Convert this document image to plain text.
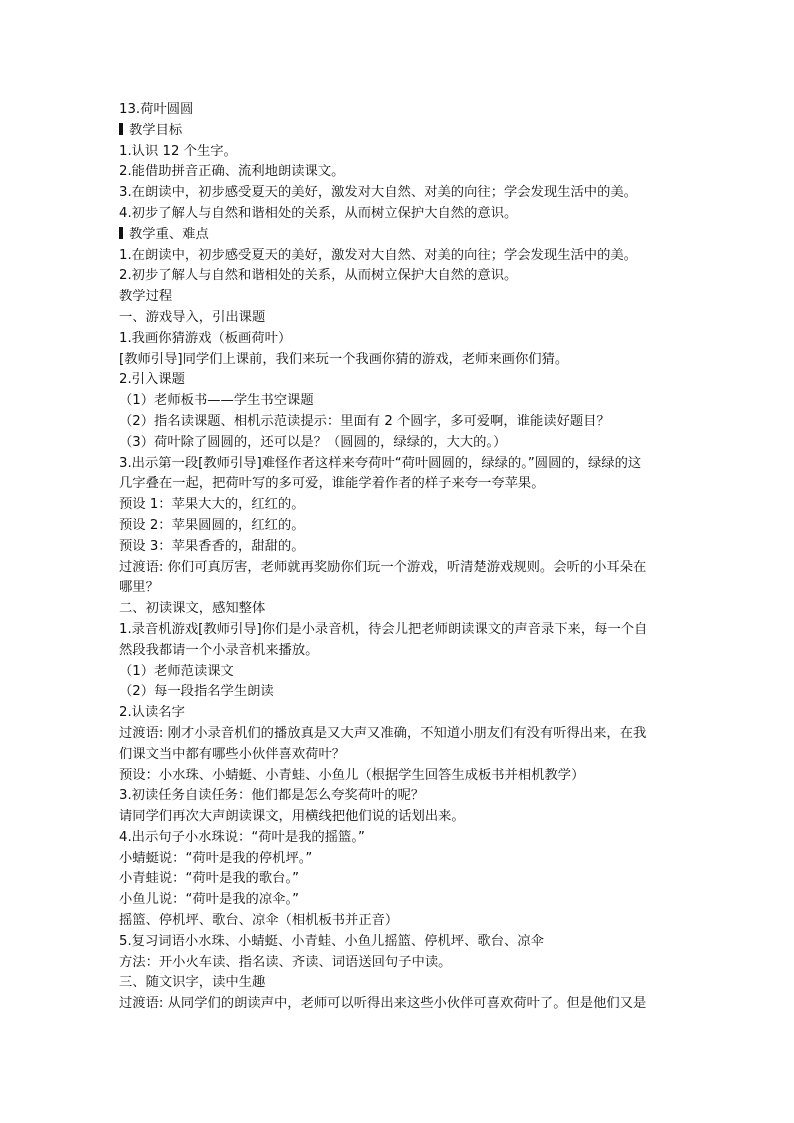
13.荷叶圆圆
教学目标
1.认识 12 个生字。
2.能借助拼音正确、流利地朗读课文。
3.在朗读中，初步感受夏天的美好，激发对大自然、对美的向往；学会发现生活中的美。
4.初步了解人与自然和谐相处的关系，从而树立保护大自然的意识。
教学重、难点
1.在朗读中，初步感受夏天的美好，激发对大自然、对美的向往；学会发现生活中的美。
2.初步了解人与自然和谐相处的关系，从而树立保护大自然的意识。
教学过程
一、游戏导入，引出课题
1.我画你猜游戏（板画荷叶）
[教师引导]同学们上课前，我们来玩一个我画你猜的游戏，老师来画你们猜。
2.引入课题
（1）老师板书——学生书空课题
（2）指名读课题、相机示范读提示：里面有 2 个圆字，多可爱啊，谁能读好题目？
（3）荷叶除了圆圆的，还可以是？（圆圆的，绿绿的，大大的。）
3.出示第一段[教师引导]难怪作者这样来夸荷叶“荷叶圆圆的，绿绿的。”圆圆的，绿绿的这
几字叠在一起，把荷叶写的多可爱，谁能学着作者的样子来夸一夸苹果。
预设 1：苹果大大的，红红的。
预设 2：苹果圆圆的，红红的。
预设 3：苹果香香的，甜甜的。
过渡语: 你们可真厉害，老师就再奖励你们玩一个游戏，听清楚游戏规则。会听的小耳朵在
哪里？
二、初读课文，感知整体
1.录音机游戏[教师引导]你们是小录音机，待会儿把老师朗读课文的声音录下来，每一个自
然段我都请一个小录音机来播放。
（1）老师范读课文
（2）每一段指名学生朗读
2.认读名字
过渡语: 刚才小录音机们的播放真是又大声又准确，不知道小朋友们有没有听得出来，在我
们课文当中都有哪些小伙伴喜欢荷叶？
预设：小水珠、小蜻蜓、小青蛙、小鱼儿（根据学生回答生成板书并相机教学）
3.初读任务自读任务：他们都是怎么夸奖荷叶的呢？
请同学们再次大声朗读课文，用横线把他们说的话划出来。
4.出示句子小水珠说：“荷叶是我的摇篮。”
小蜻蜓说：“荷叶是我的停机坪。”
小青蛙说：“荷叶是我的歌台。”
小鱼儿说：“荷叶是我的凉伞。”
摇篮、停机坪、歌台、凉伞（相机板书并正音）
5.复习词语小水珠、小蜻蜓、小青蛙、小鱼儿摇篮、停机坪、歌台、凉伞
方法：开小火车读、指名读、齐读、词语送回句子中读。
三、随文识字，读中生趣
过渡语: 从同学们的朗读声中，老师可以听得出来这些小伙伴可喜欢荷叶了。但是他们又是
